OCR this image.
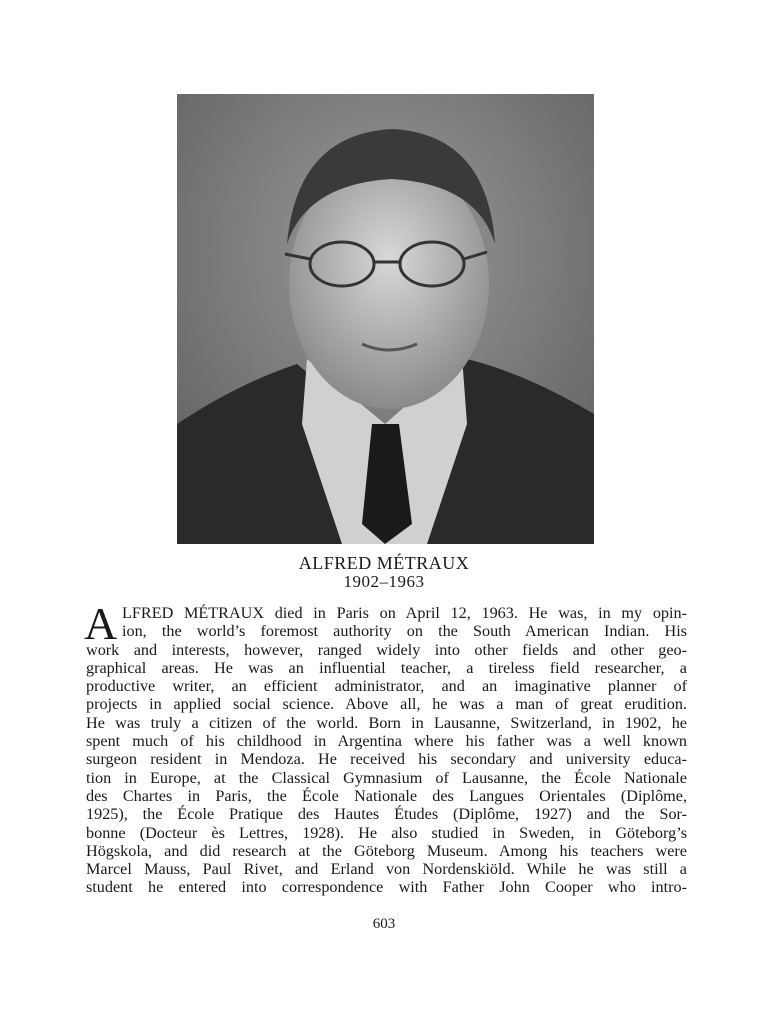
ALFRED MÉTRAUX
1902–1963
A LFRED MÉTRAUX died in Paris on April 12, 1963. He was, in my opin-
ion, the world’s foremost authority on the South American Indian. His
work and interests, however, ranged widely into other fields and other geo-
graphical areas. He was an influential teacher, a tireless field researcher, a
productive writer, an efficient administrator, and an imaginative planner of
projects in applied social science. Above all, he was a man of great erudition.
He was truly a citizen of the world. Born in Lausanne, Switzerland, in 1902, he
spent much of his childhood in Argentina where his father was a well known
surgeon resident in Mendoza. He received his secondary and university educa-
tion in Europe, at the Classical Gymnasium of Lausanne, the École Nationale
des Chartes in Paris, the École Nationale des Langues Orientales (Diplôme,
1925), the École Pratique des Hautes Études (Diplôme, 1927) and the Sor-
bonne (Docteur ès Lettres, 1928). He also studied in Sweden, in Göteborg’s
Högskola, and did research at the Göteborg Museum. Among his teachers were
Marcel Mauss, Paul Rivet, and Erland von Nordenskiöld. While he was still a
student he entered into correspondence with Father John Cooper who intro-
603
